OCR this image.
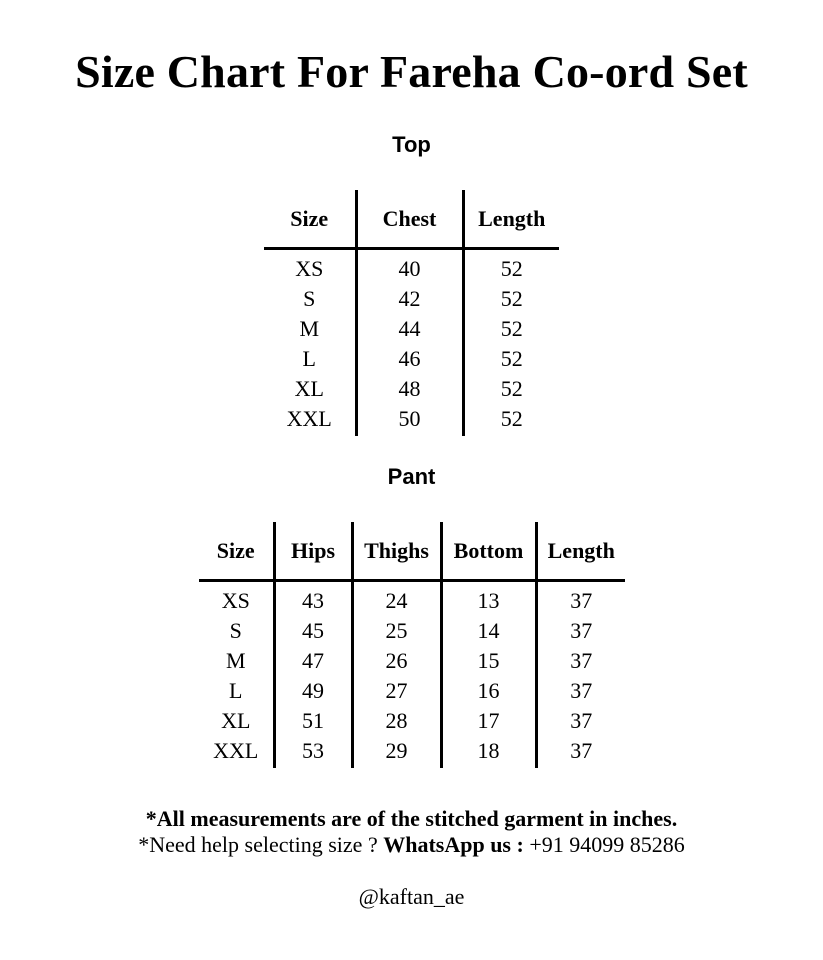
Size Chart For Fareha Co-ord Set
Top
Size	Chest	Length
XS	40	52
S	42	52
M	44	52
L	46	52
XL	48	52
XXL	50	52
Pant
Size	Hips	Thighs	Bottom	Length
XS	43	24	13	37
S	45	25	14	37
M	47	26	15	37
L	49	27	16	37
XL	51	28	17	37
XXL	53	29	18	37

*All measurements are of the stitched garment in inches.

*Need help selecting size ? WhatsApp us : +91 94099 85286

@kaftan_ae
